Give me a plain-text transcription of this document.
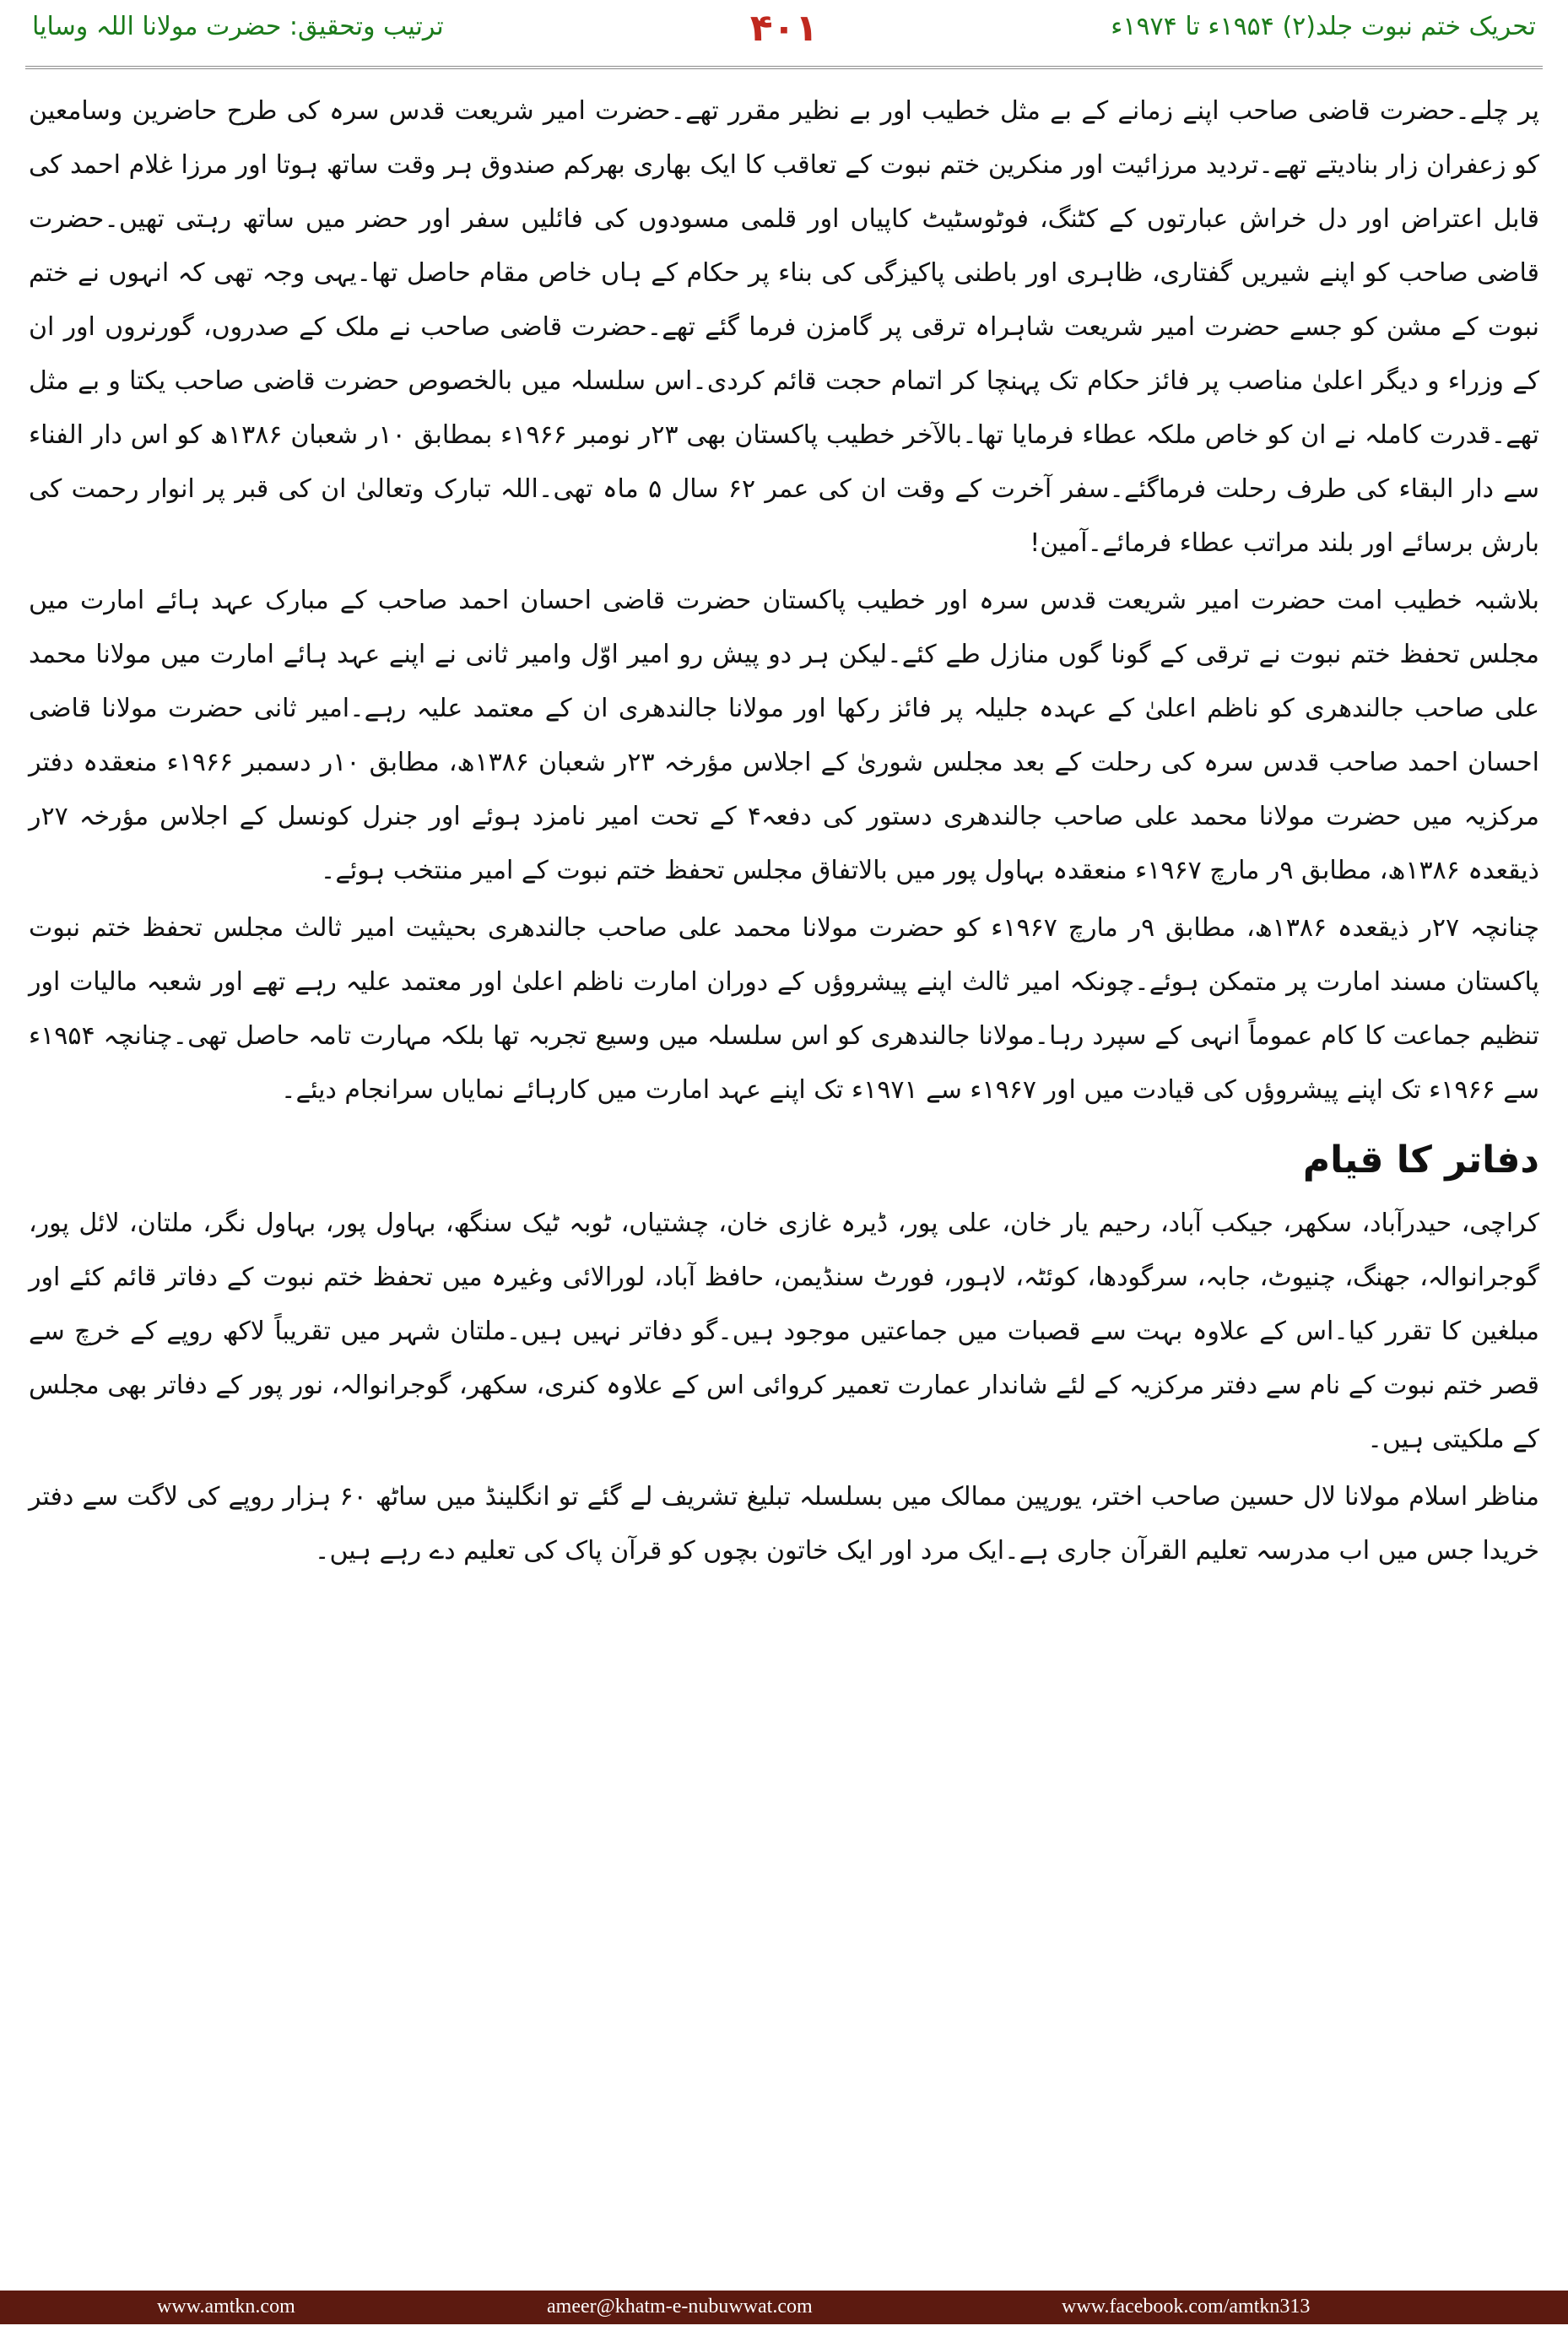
ترتیب وتحقیق: حضرت مولانا اللہ وسایا	۴۰۱	تحریک ختم نبوت جلد(۲) ۱۹۵۴ء تا ۱۹۷۴ء

پر چلے۔حضرت قاضی صاحب اپنے زمانے کے بے مثل خطیب اور بے نظیر مقرر تھے۔حضرت امیر شریعت قدس سرہ کی طرح حاضرین وسامعین کو زعفران زار بنادیتے تھے۔تردید مرزائیت اور منکرین ختم نبوت کے تعاقب کا ایک بھاری بھرکم صندوق ہر وقت ساتھ ہوتا اور مرزا غلام احمد کی قابل اعتراض اور دل خراش عبارتوں کے کٹنگ، فوٹوسٹیٹ کاپیاں اور قلمی مسودوں کی فائلیں سفر اور حضر میں ساتھ رہتی تھیں۔حضرت قاضی صاحب کو اپنے شیریں گفتاری، ظاہری اور باطنی پاکیزگی کی بناء پر حکام کے ہاں خاص مقام حاصل تھا۔یہی وجہ تھی کہ انہوں نے ختم نبوت کے مشن کو جسے حضرت امیر شریعت شاہراہ ترقی پر گامزن فرما گئے تھے۔حضرت قاضی صاحب نے ملک کے صدروں، گورنروں اور ان کے وزراء و دیگر اعلیٰ مناصب پر فائز حکام تک پہنچا کر اتمام حجت قائم کردی۔اس سلسلہ میں بالخصوص حضرت قاضی صاحب یکتا و بے مثل تھے۔قدرت کاملہ نے ان کو خاص ملکہ عطاء فرمایا تھا۔بالآخر خطیب پاکستان بھی ۲۳ر نومبر ۱۹۶۶ء بمطابق ۱۰ر شعبان ۱۳۸۶ھ کو اس دار الفناء سے دار البقاء کی طرف رحلت فرماگئے۔سفر آخرت کے وقت ان کی عمر ۶۲ سال ۵ ماہ تھی۔اللہ تبارک وتعالیٰ ان کی قبر پر انوار رحمت کی بارش برسائے اور بلند مراتب عطاء فرمائے۔آمین!

بلاشبہ خطیب امت حضرت امیر شریعت قدس سرہ اور خطیب پاکستان حضرت قاضی احسان احمد صاحب کے مبارک عہد ہائے امارت میں مجلس تحفظ ختم نبوت نے ترقی کے گونا گوں منازل طے کئے۔لیکن ہر دو پیش رو امیر اوّل وامیر ثانی نے اپنے عہد ہائے امارت میں مولانا محمد علی صاحب جالندھری کو ناظم اعلیٰ کے عہدہ جلیلہ پر فائز رکھا اور مولانا جالندھری ان کے معتمد علیہ رہے۔امیر ثانی حضرت مولانا قاضی احسان احمد صاحب قدس سرہ کی رحلت کے بعد مجلس شوریٰ کے اجلاس مؤرخہ ۲۳ر شعبان ۱۳۸۶ھ، مطابق ۱۰ر دسمبر ۱۹۶۶ء منعقدہ دفتر مرکزیہ میں حضرت مولانا محمد علی صاحب جالندھری دستور کی دفعہ۴ کے تحت امیر نامزد ہوئے اور جنرل کونسل کے اجلاس مؤرخہ ۲۷ر ذیقعدہ ۱۳۸۶ھ، مطابق ۹ر مارچ ۱۹۶۷ء منعقدہ بہاول پور میں بالاتفاق مجلس تحفظ ختم نبوت کے امیر منتخب ہوئے۔

چنانچہ ۲۷ر ذیقعدہ ۱۳۸۶ھ، مطابق ۹ر مارچ ۱۹۶۷ء کو حضرت مولانا محمد علی صاحب جالندھری بحیثیت امیر ثالث مجلس تحفظ ختم نبوت پاکستان مسند امارت پر متمکن ہوئے۔چونکہ امیر ثالث اپنے پیشروؤں کے دوران امارت ناظم اعلیٰ اور معتمد علیہ رہے تھے اور شعبہ مالیات اور تنظیم جماعت کا کام عموماً انہی کے سپرد رہا۔مولانا جالندھری کو اس سلسلہ میں وسیع تجربہ تھا بلکہ مہارت تامہ حاصل تھی۔چنانچہ ۱۹۵۴ء سے ۱۹۶۶ء تک اپنے پیشروؤں کی قیادت میں اور ۱۹۶۷ء سے ۱۹۷۱ء تک اپنے عہد امارت میں کارہائے نمایاں سرانجام دیئے۔

دفاتر کا قیام

کراچی، حیدرآباد، سکھر، جیکب آباد، رحیم یار خان، علی پور، ڈیرہ غازی خان، چشتیاں، ٹوبہ ٹیک سنگھ، بہاول پور، بہاول نگر، ملتان، لائل پور، گوجرانوالہ، جھنگ، چنیوٹ، جابہ، سرگودھا، کوئٹہ، لاہور، فورٹ سنڈیمن، حافظ آباد، لورالائی وغیرہ میں تحفظ ختم نبوت کے دفاتر قائم کئے اور مبلغین کا تقرر کیا۔اس کے علاوہ بہت سے قصبات میں جماعتیں موجود ہیں۔گو دفاتر نہیں ہیں۔ملتان شہر میں تقریباً لاکھ روپے کے خرچ سے قصر ختم نبوت کے نام سے دفتر مرکزیہ کے لئے شاندار عمارت تعمیر کروائی اس کے علاوہ کنری، سکھر، گوجرانوالہ، نور پور کے دفاتر بھی مجلس کے ملکیتی ہیں۔

مناظر اسلام مولانا لال حسین صاحب اختر، یورپین ممالک میں بسلسلہ تبلیغ تشریف لے گئے تو انگلینڈ میں ساٹھ ۶۰ ہزار روپے کی لاگت سے دفتر خریدا جس میں اب مدرسہ تعلیم القرآن جاری ہے۔ایک مرد اور ایک خاتون بچوں کو قرآن پاک کی تعلیم دے رہے ہیں۔

www.amtkn.com	ameer@khatm-e-nubuwwat.com	www.facebook.com/amtkn313
